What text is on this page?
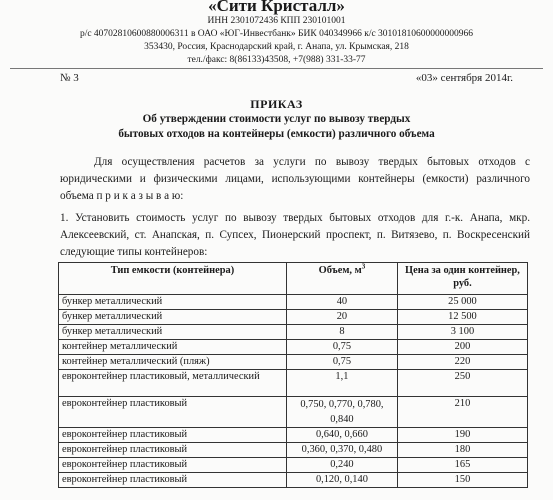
«Сити Кристалл»
ИНН 2301072436 КПП 230101001
р/с 40702810600880006311 в ОАО «ЮГ-Инвестбанк» БИК 040349966 к/с 30101810600000000966
353430, Россия, Краснодарский край, г. Анапа, ул. Крымская, 218
тел./факс: 8(86133)43508, +7(988) 331-33-77
№ 3	«03» сентября 2014г.
ПРИКАЗ
Об утверждении стоимости услуг по вывозу твердых
бытовых отходов на контейнеры (емкости) различного объема
Для осуществления расчетов за услуги по вывозу твердых бытовых отходов с юридическими и физическими лицами, использующими контейнеры (емкости) различного объема п р и к а з ы в а ю:
1. Установить стоимость услуг по вывозу твердых бытовых отходов для г.-к. Анапа, мкр. Алексеевский, ст. Анапская, п. Супсех, Пионерский проспект, п. Витязево, п. Воскресенский следующие типы контейнеров:
Тип емкости (контейнера)	Объем, $м^3$	Цена за один контейнер, руб.
бункер металлический	40	25 000
бункер металлический	20	12 500
бункер металлический	8	3 100
контейнер металлический	0,75	200
контейнер металлический (пляж)	0,75	220
евроконтейнер пластиковый, металлический	1,1	250
евроконтейнер пластиковый	0,750, 0,770, 0,780, 0,840	210
евроконтейнер пластиковый	0,640, 0,660	190
евроконтейнер пластиковый	0,360, 0,370, 0,480	180
евроконтейнер пластиковый	0,240	165
евроконтейнер пластиковый	0,120, 0,140	150
